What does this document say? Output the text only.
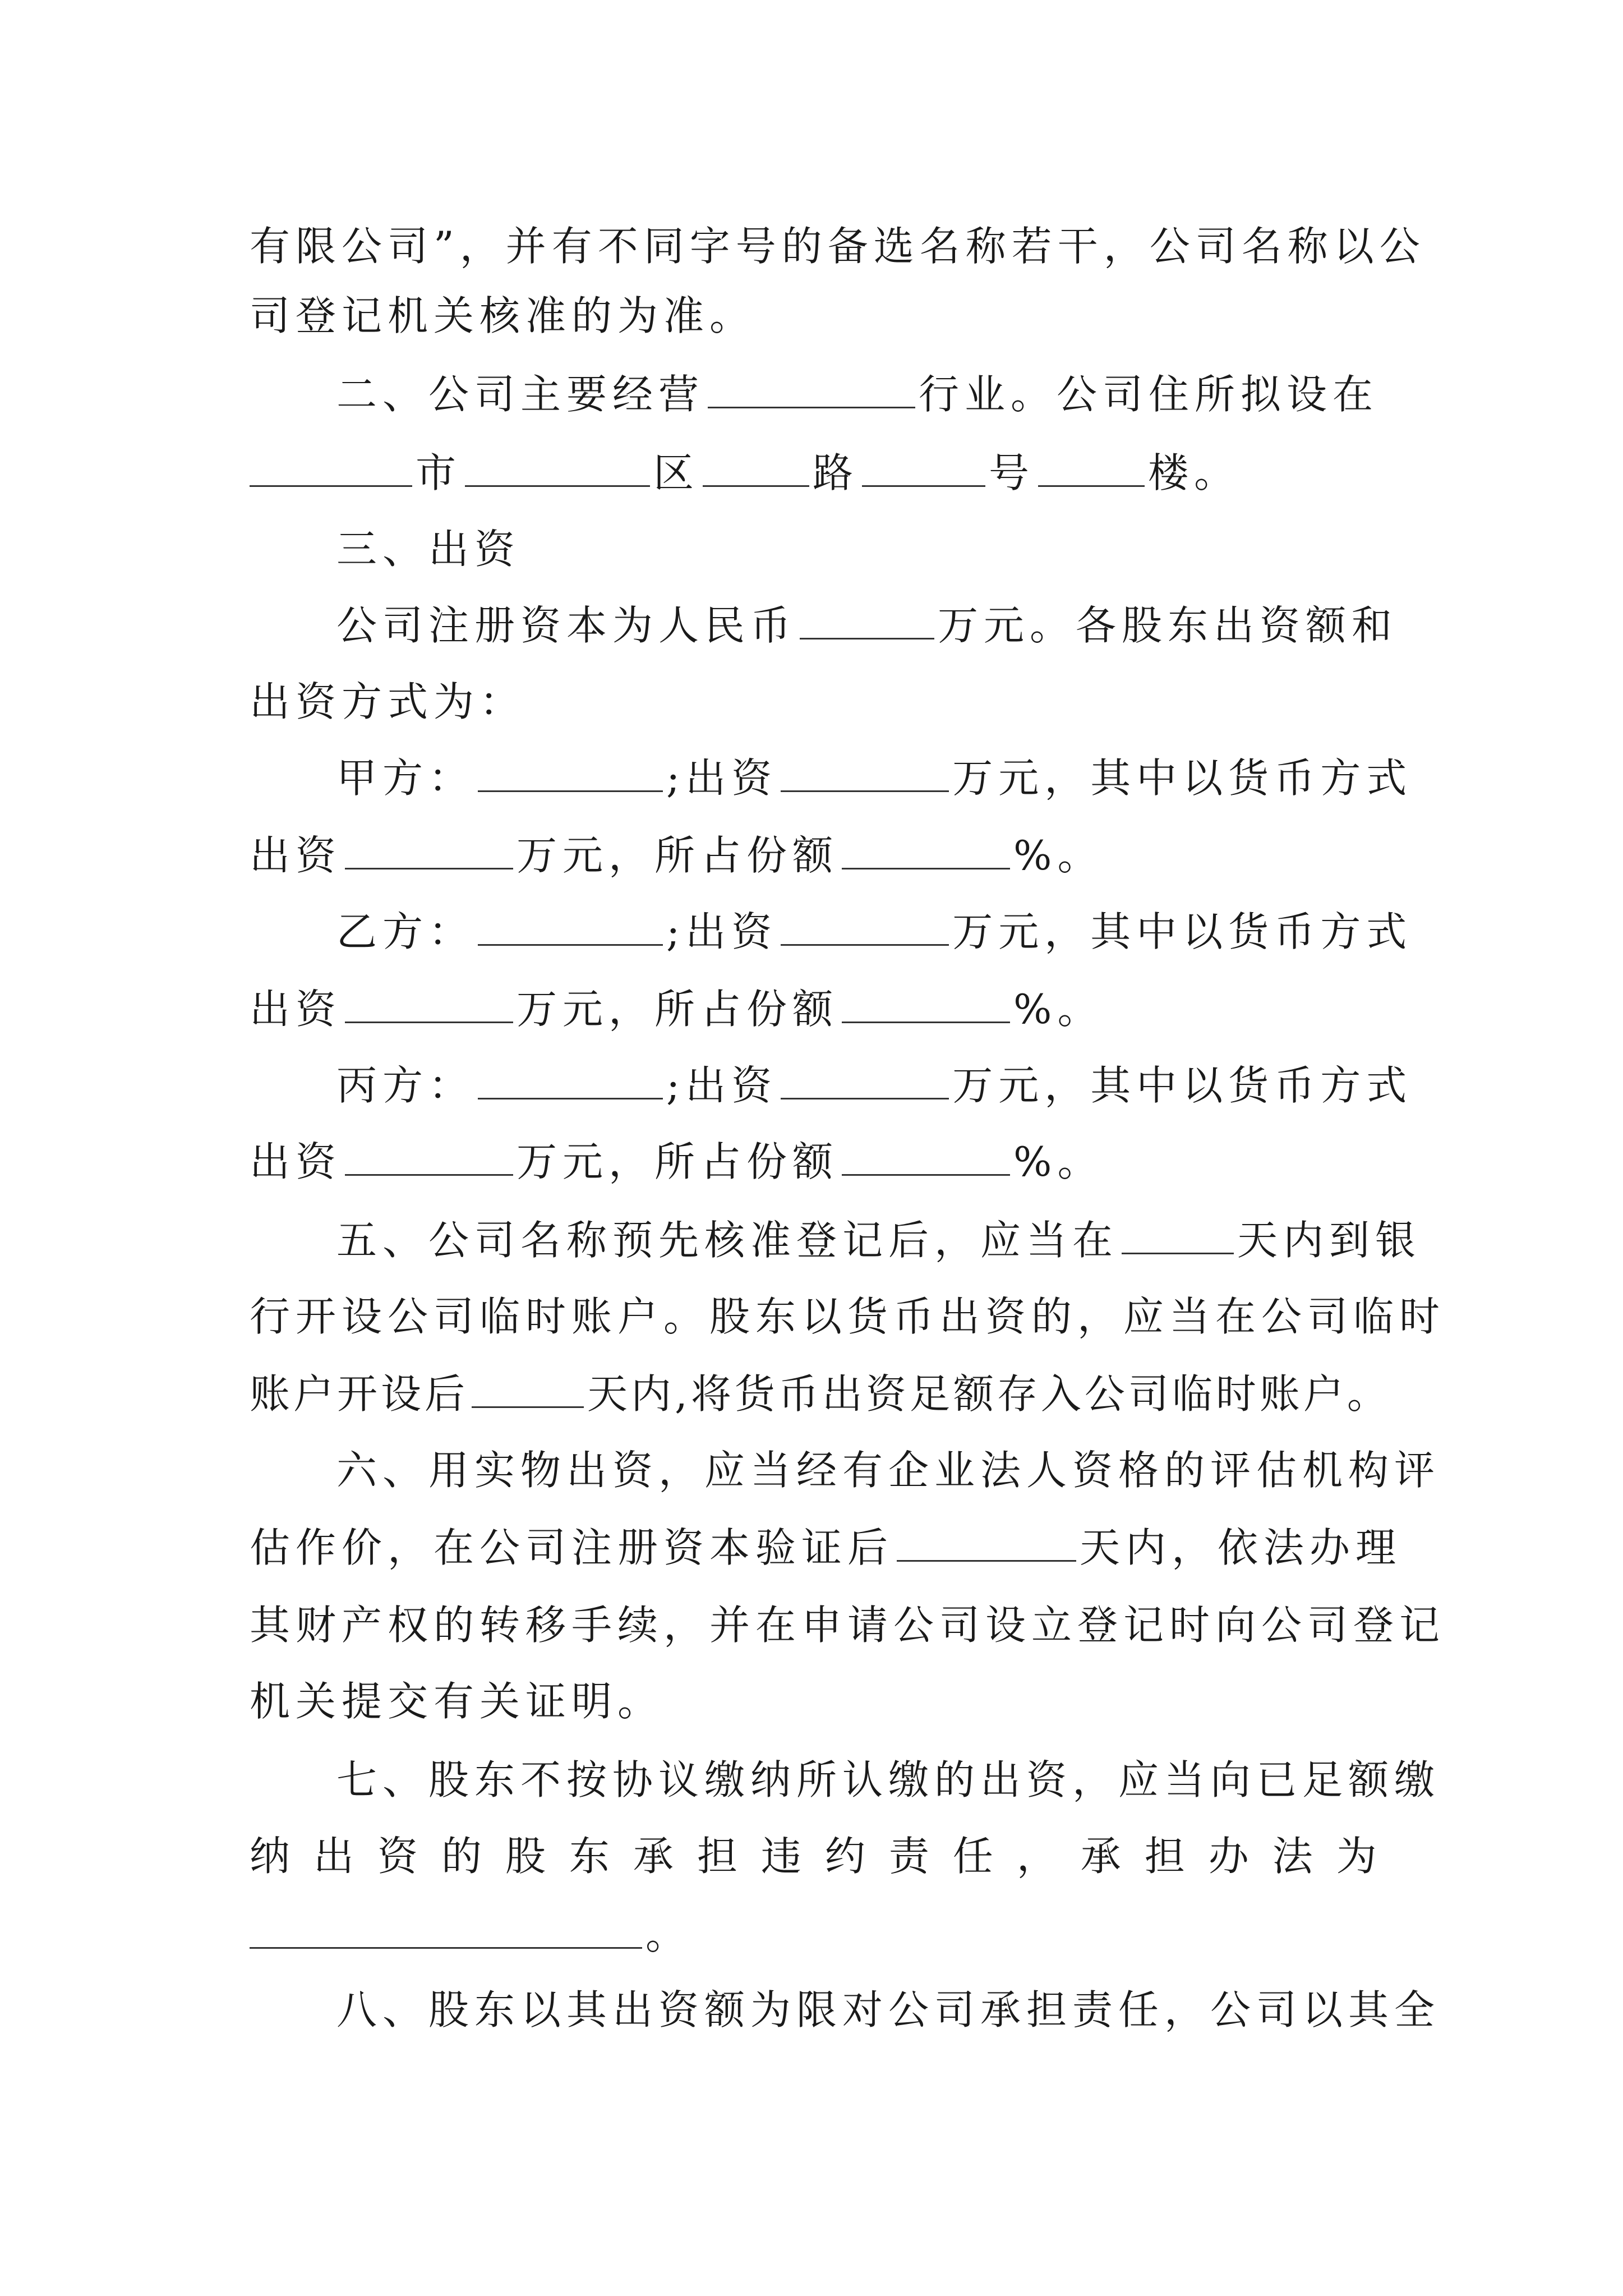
有限公司”，并有不同字号的备选名称若干，公司名称以公
司登记机关核准的为准。
二、公司主要经营	行业。公司住所拟设在
市	区	路	号	楼。
三、出资
公司注册资本为人民币	万元。各股东出资额和
出资方式为：
甲方：	;出资	万元，其中以货币方式
出资	万元，所占份额	%。
乙方：	;出资	万元，其中以货币方式
出资	万元，所占份额	%。
丙方：	;出资	万元，其中以货币方式
出资	万元，所占份额	%。
五、公司名称预先核准登记后，应当在	天内到银
行开设公司临时账户。股东以货币出资的，应当在公司临时
账户开设后	天内,将货币出资足额存入公司临时账户。
六、用实物出资，应当经有企业法人资格的评估机构评
估作价，在公司注册资本验证后	天内，依法办理
其财产权的转移手续，并在申请公司设立登记时向公司登记
机关提交有关证明。
七、股东不按协议缴纳所认缴的出资，应当向已足额缴
纳 出 资 的 股 东 承 担 违 约 责 任 ， 承 担 办 法 为
。
八、股东以其出资额为限对公司承担责任，公司以其全
